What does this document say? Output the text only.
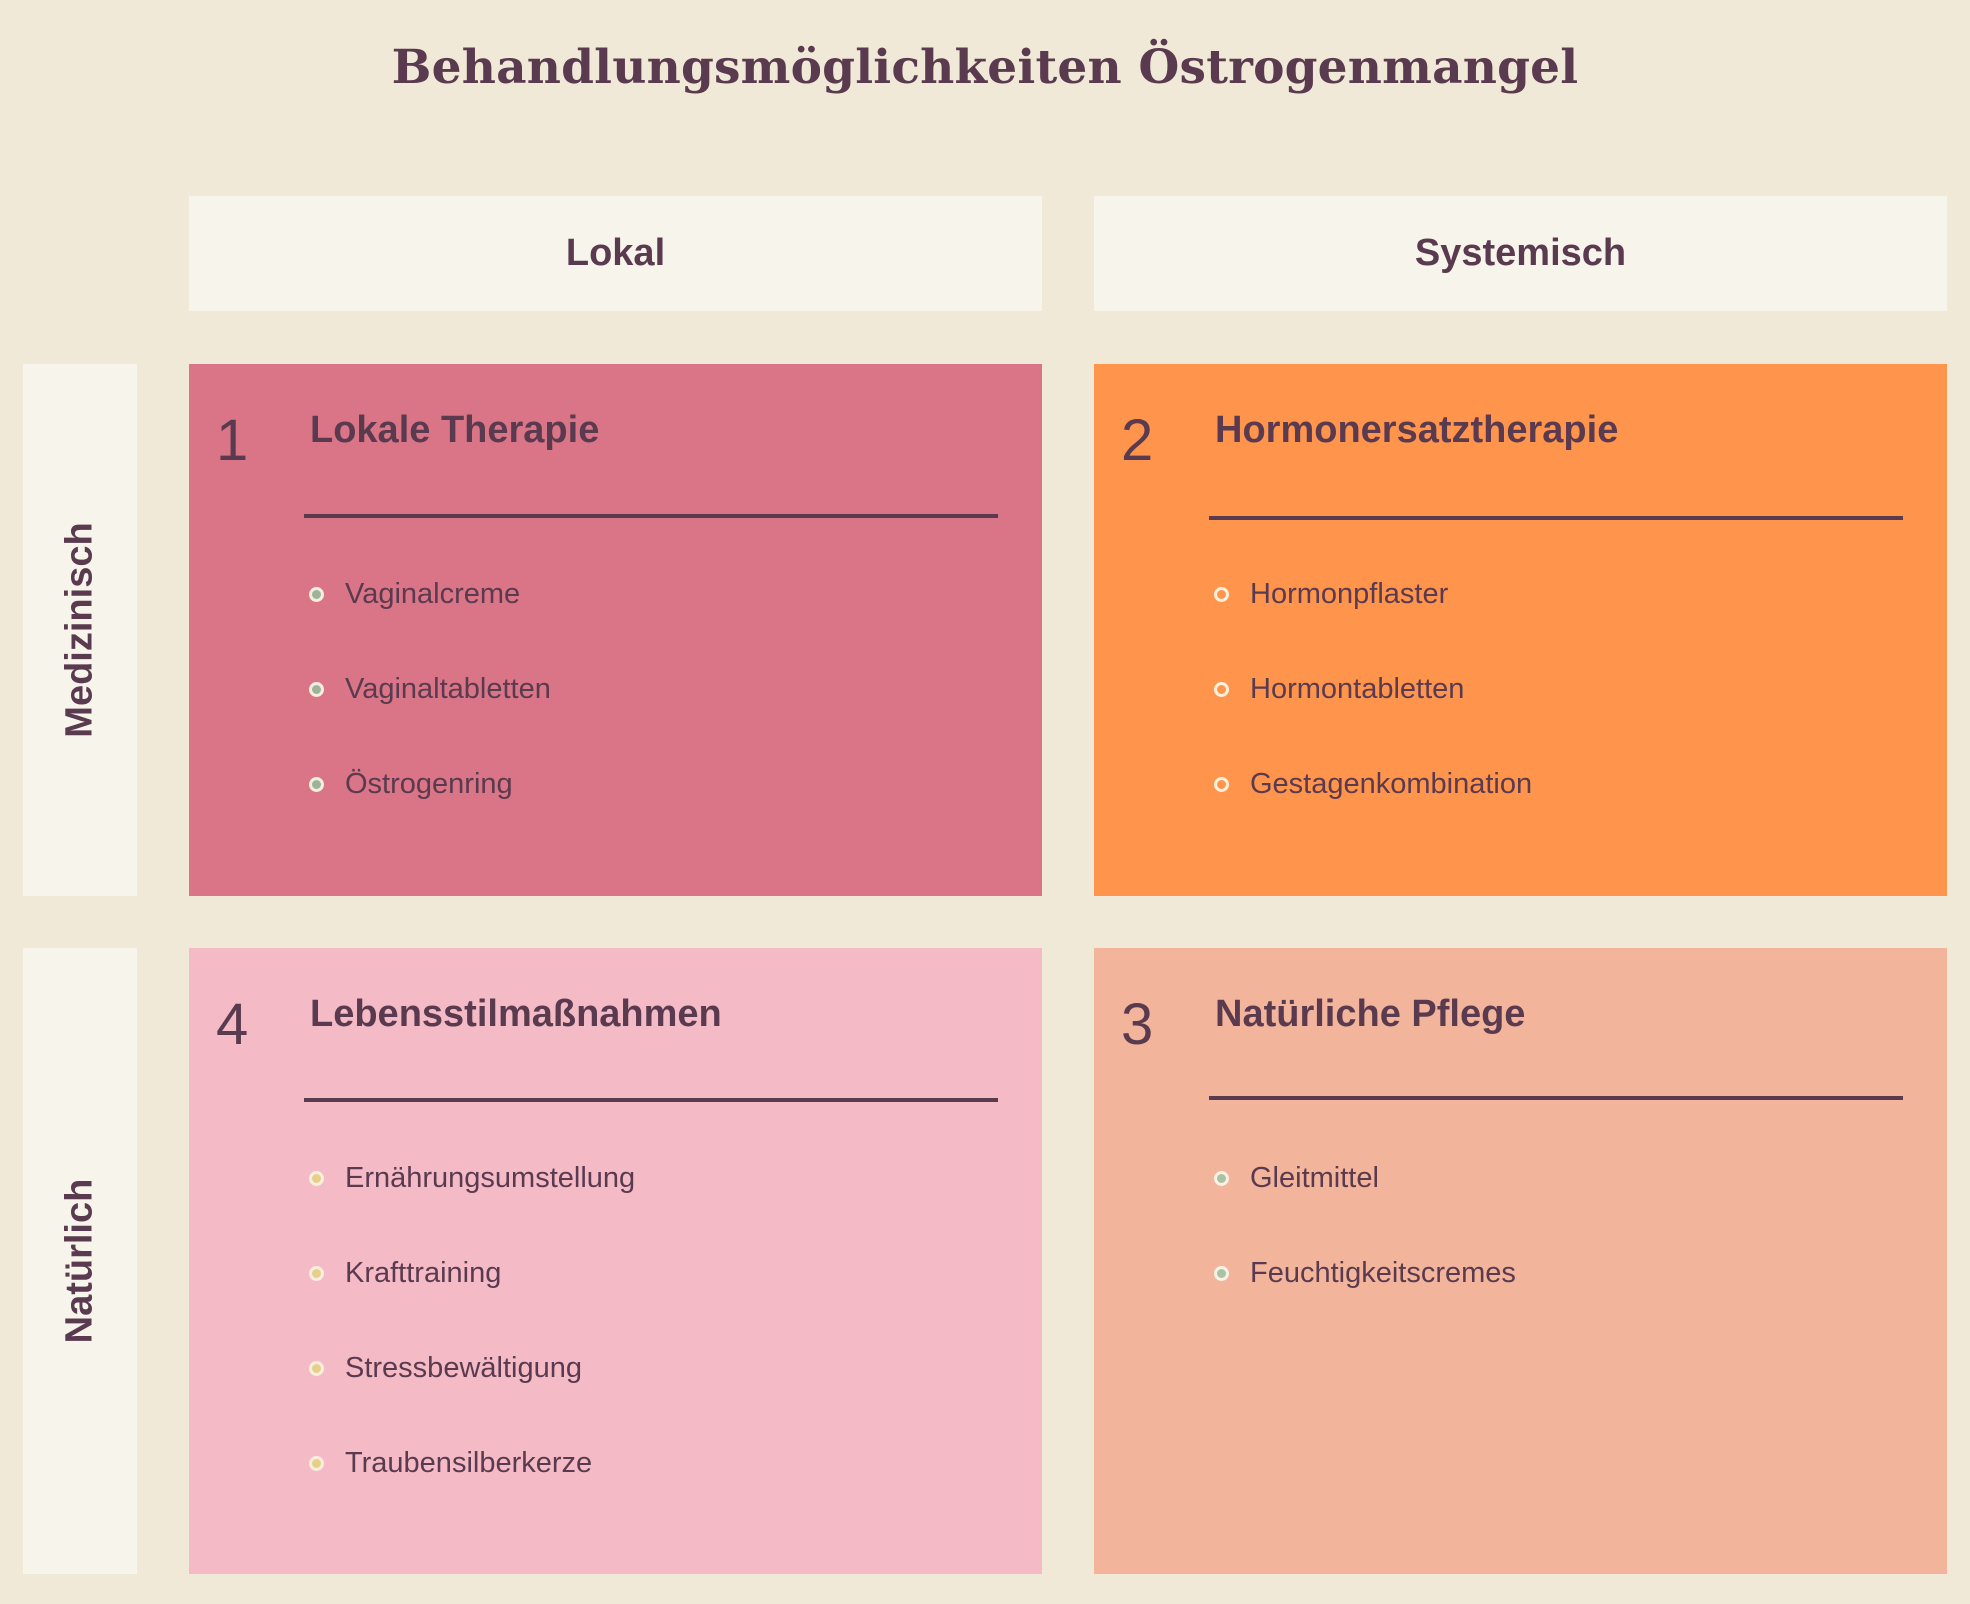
Behandlungsmöglichkeiten Östrogenmangel
Lokal	Systemisch
Medizinisch
Natürlich
1 Lokale Therapie
Vaginalcreme
Vaginaltabletten
Östrogenring
2 Hormonersatztherapie
Hormonpflaster
Hormontabletten
Gestagenkombination
4 Lebensstilmaßnahmen
Ernährungsumstellung
Krafttraining
Stressbewältigung
Traubensilberkerze
3 Natürliche Pflege
Gleitmittel
Feuchtigkeitscremes
